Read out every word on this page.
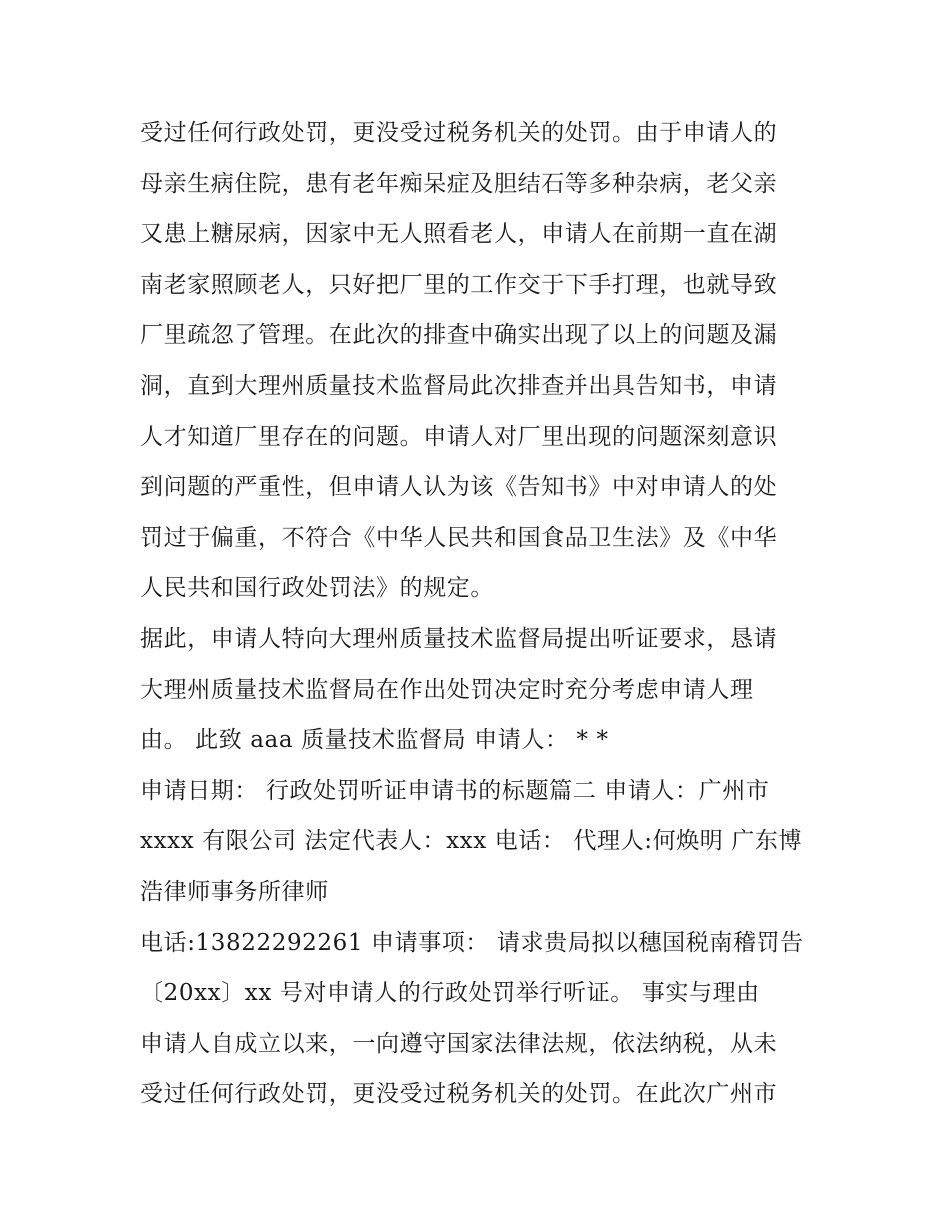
受过任何行政处罚，更没受过税务机关的处罚。由于申请人的
母亲生病住院，患有老年痴呆症及胆结石等多种杂病，老父亲
又患上糖尿病，因家中无人照看老人，申请人在前期一直在湖
南老家照顾老人，只好把厂里的工作交于下手打理，也就导致
厂里疏忽了管理。在此次的排查中确实出现了以上的问题及漏
洞，直到大理州质量技术监督局此次排查并出具告知书，申请
人才知道厂里存在的问题。申请人对厂里出现的问题深刻意识
到问题的严重性，但申请人认为该《告知书》中对申请人的处
罚过于偏重，不符合《中华人民共和国食品卫生法》及《中华
人民共和国行政处罚法》的规定。
据此，申请人特向大理州质量技术监督局提出听证要求，恳请
大理州质量技术监督局在作出处罚决定时充分考虑申请人理
由。 此致 aaa 质量技术监督局 申请人： * *
申请日期： 行政处罚听证申请书的标题篇二 申请人：广州市
xxxx 有限公司 法定代表人：xxx 电话： 代理人:何焕明 广东博
浩律师事务所律师
电话:13822292261 申请事项： 请求贵局拟以穗国税南稽罚告
〔20xx〕xx 号对申请人的行政处罚举行听证。 事实与理由
申请人自成立以来，一向遵守国家法律法规，依法纳税，从未
受过任何行政处罚，更没受过税务机关的处罚。在此次广州市
